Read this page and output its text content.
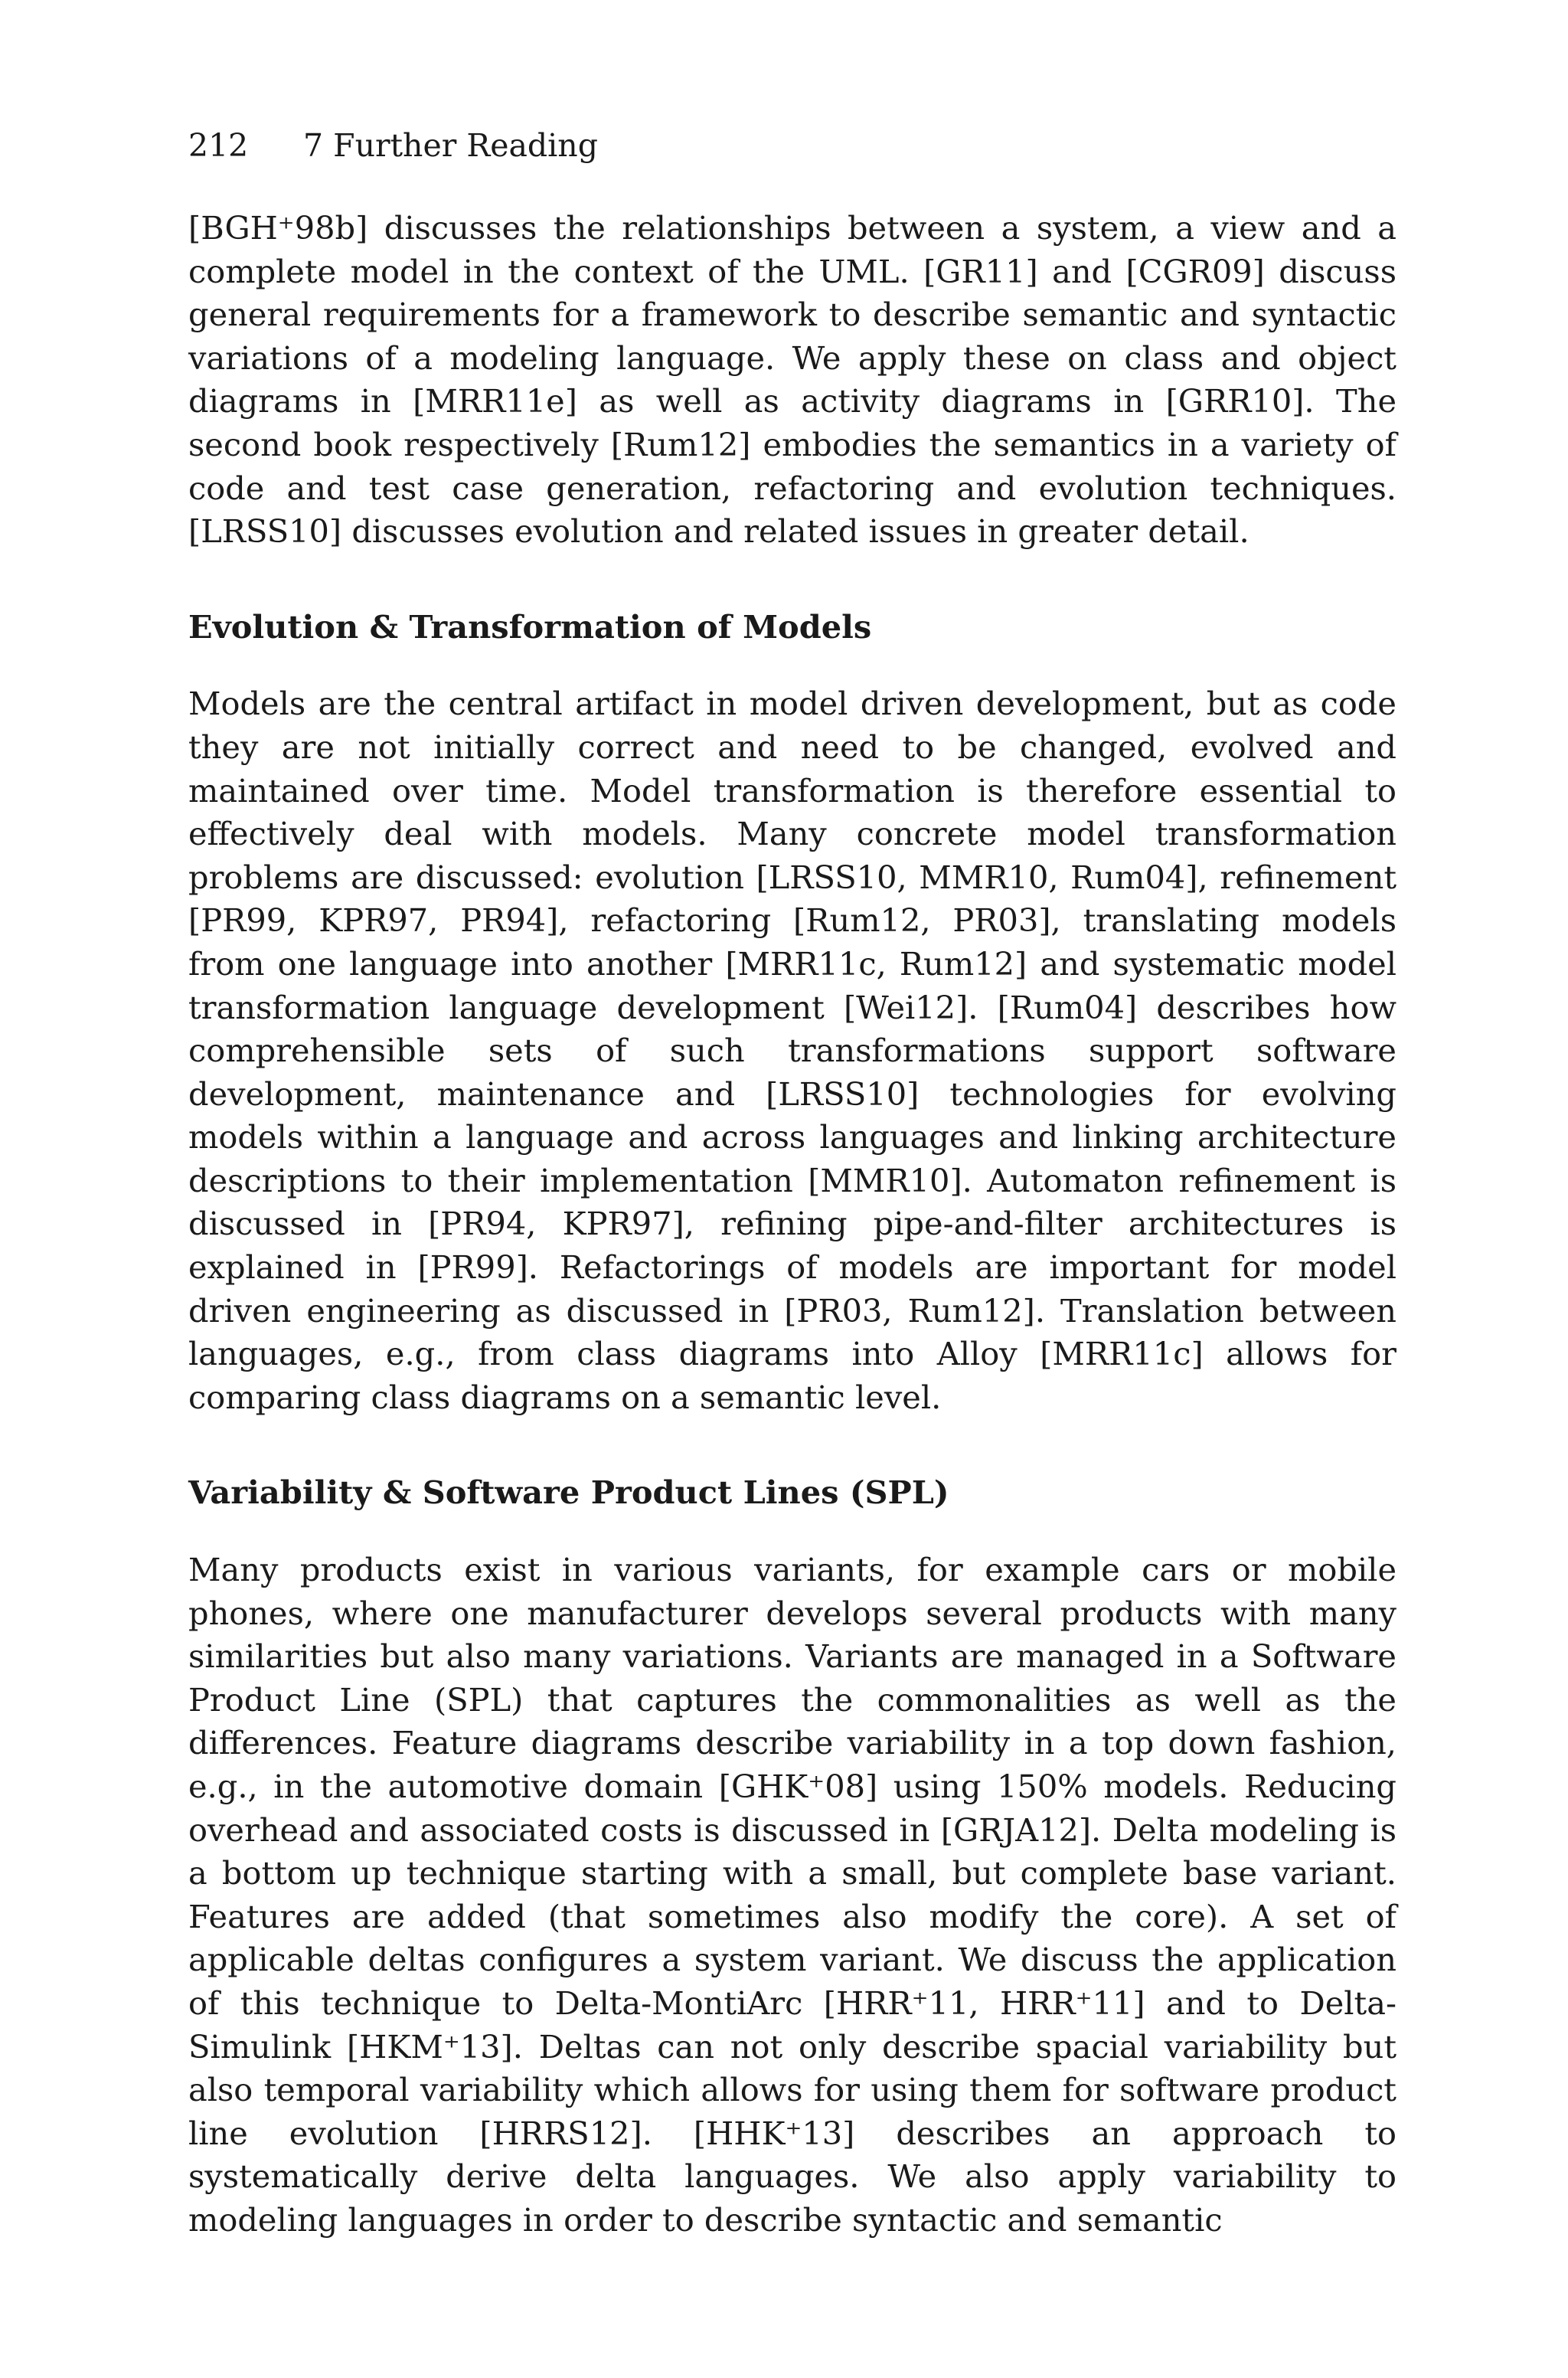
212 7 Further Reading

[BGH⁺98b] discusses the relationships between a system, a view and a complete model in the context of the UML. [GR11] and [CGR09] discuss general requirements for a framework to describe semantic and syntactic variations of a modeling language. We apply these on class and object diagrams in [MRR11e] as well as activity diagrams in [GRR10]. The second book respectively [Rum12] embodies the semantics in a variety of code and test case generation, refactoring and evolution techniques. [LRSS10] discusses evolution and related issues in greater detail.

Evolution & Transformation of Models

Models are the central artifact in model driven development, but as code they are not initially correct and need to be changed, evolved and maintained over time. Model transformation is therefore essential to effectively deal with models. Many concrete model transformation problems are discussed: evolution [LRSS10, MMR10, Rum04], refinement [PR99, KPR97, PR94], refactoring [Rum12, PR03], translating models from one language into another [MRR11c, Rum12] and systematic model transformation language development [Wei12]. [Rum04] describes how comprehensible sets of such transformations support software development, maintenance and [LRSS10] technologies for evolving models within a language and across languages and linking architecture descriptions to their implementation [MMR10]. Automaton refinement is discussed in [PR94, KPR97], refining pipe-and-filter architectures is explained in [PR99]. Refactorings of models are important for model driven engineering as discussed in [PR03, Rum12]. Translation between languages, e.g., from class diagrams into Alloy [MRR11c] allows for comparing class diagrams on a semantic level.

Variability & Software Product Lines (SPL)

Many products exist in various variants, for example cars or mobile phones, where one manufacturer develops several products with many similarities but also many variations. Variants are managed in a Software Product Line (SPL) that captures the commonalities as well as the differences. Feature diagrams describe variability in a top down fashion, e.g., in the automotive domain [GHK⁺08] using 150% models. Reducing overhead and associated costs is discussed in [GRJA12]. Delta modeling is a bottom up technique starting with a small, but complete base variant. Features are added (that sometimes also modify the core). A set of applicable deltas configures a system variant. We discuss the application of this technique to Delta-MontiArc [HRR⁺11, HRR⁺11] and to Delta-Simulink [HKM⁺13]. Deltas can not only describe spacial variability but also temporal variability which allows for using them for software product line evolution [HRRS12]. [HHK⁺13] describes an approach to systematically derive delta languages. We also apply variability to modeling languages in order to describe syntactic and semantic
